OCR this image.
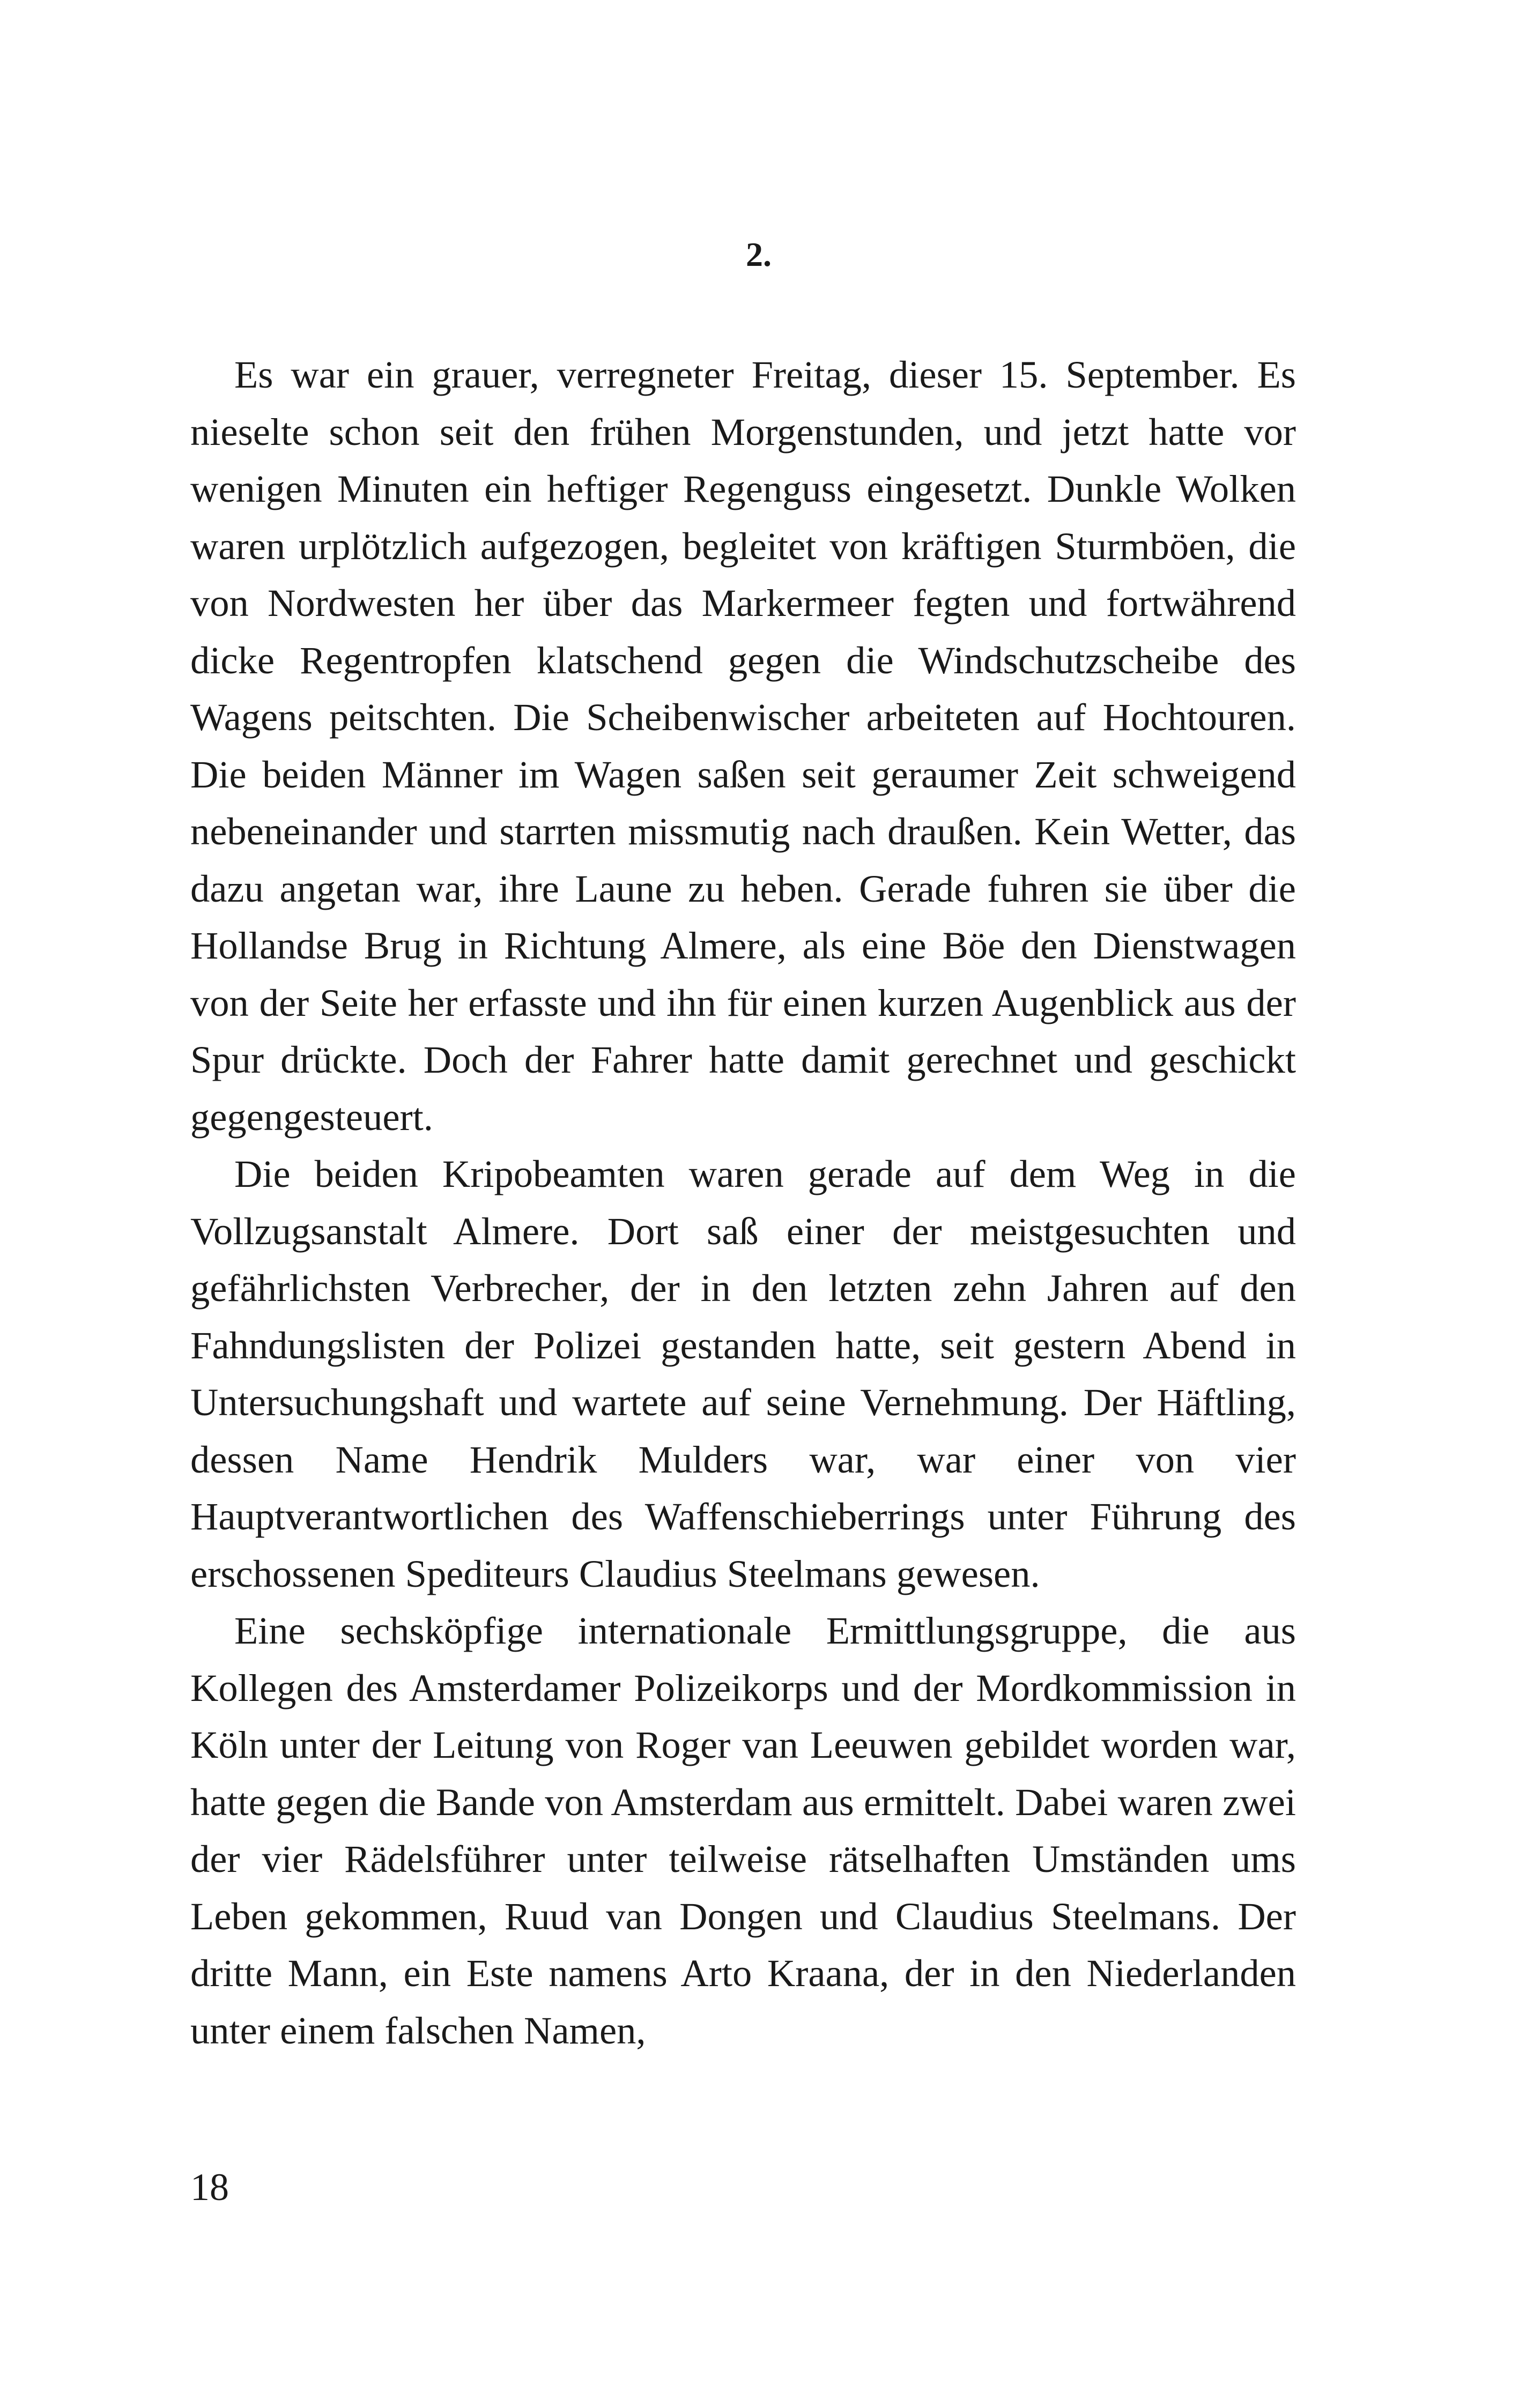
2.

Es war ein grauer, verregneter Freitag, dieser 15. September. Es nieselte schon seit den frühen Morgenstunden, und jetzt hatte vor wenigen Minuten ein heftiger Regenguss eingesetzt. Dunkle Wolken waren urplötzlich aufgezogen, begleitet von kräftigen Sturmböen, die von Nordwesten her über das Markermeer fegten und fortwährend dicke Regentropfen klatschend gegen die Windschutzscheibe des Wagens peitschten. Die Scheibenwischer arbeiteten auf Hochtouren. Die beiden Männer im Wagen saßen seit geraumer Zeit schweigend nebeneinander und starrten missmutig nach draußen. Kein Wetter, das dazu angetan war, ihre Laune zu heben. Gerade fuhren sie über die Hollandse Brug in Richtung Almere, als eine Böe den Dienstwagen von der Seite her erfasste und ihn für einen kurzen Augenblick aus der Spur drückte. Doch der Fahrer hatte damit gerechnet und geschickt gegengesteuert.

Die beiden Kripobeamten waren gerade auf dem Weg in die Vollzugsanstalt Almere. Dort saß einer der meistgesuchten und gefährlichsten Verbrecher, der in den letzten zehn Jahren auf den Fahndungslisten der Polizei gestanden hatte, seit gestern Abend in Untersuchungshaft und wartete auf seine Vernehmung. Der Häftling, dessen Name Hendrik Mulders war, war einer von vier Hauptverantwortlichen des Waffenschieberrings unter Führung des erschossenen Spediteurs Claudius Steelmans gewesen.

Eine sechsköpfige internationale Ermittlungsgruppe, die aus Kollegen des Amsterdamer Polizeikorps und der Mordkommission in Köln unter der Leitung von Roger van Leeuwen gebildet worden war, hatte gegen die Bande von Amsterdam aus ermittelt. Dabei waren zwei der vier Rädelsführer unter teilweise rätselhaften Umständen ums Leben gekommen, Ruud van Dongen und Claudius Steelmans. Der dritte Mann, ein Este namens Arto Kraana, der in den Niederlanden unter einem falschen Namen,

18
